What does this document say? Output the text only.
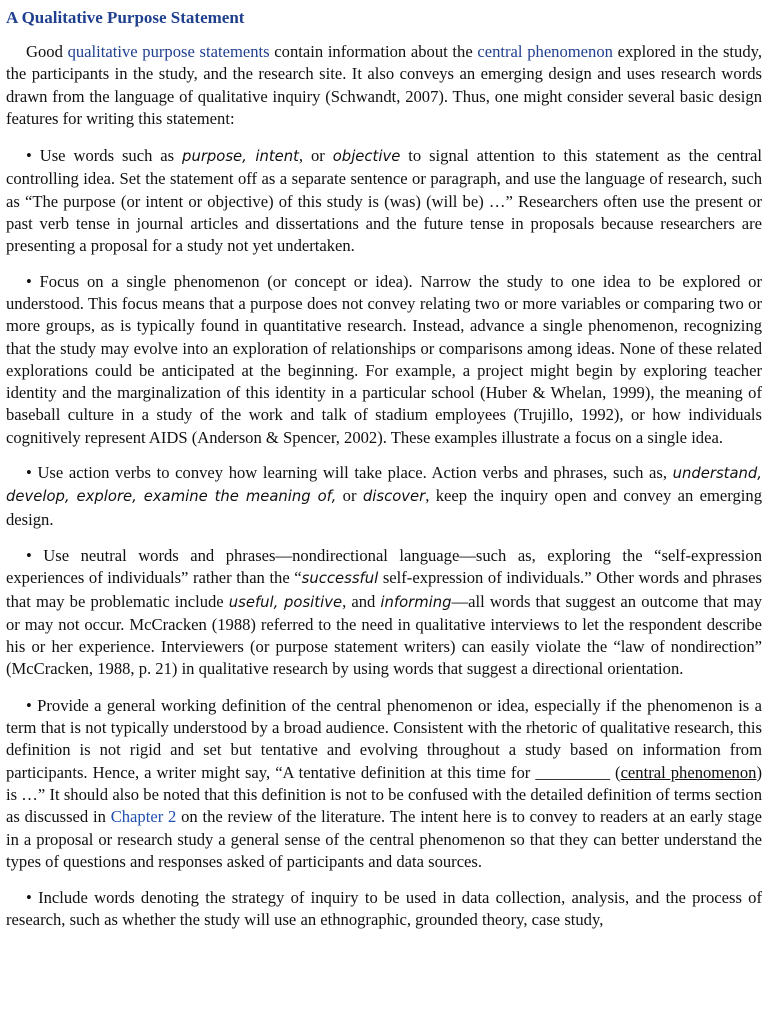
A Qualitative Purpose Statement

Good qualitative purpose statements contain information about the central phenomenon explored in the study, the participants in the study, and the research site. It also conveys an emerging design and uses research words drawn from the language of qualitative inquiry (Schwandt, 2007). Thus, one might consider several basic design features for writing this statement:

• Use words such as purpose, intent, or objective to signal attention to this statement as the central controlling idea. Set the statement off as a separate sentence or paragraph, and use the language of research, such as “The purpose (or intent or objective) of this study is (was) (will be) …” Researchers often use the present or past verb tense in journal articles and dissertations and the future tense in proposals because researchers are presenting a proposal for a study not yet undertaken.

• Focus on a single phenomenon (or concept or idea). Narrow the study to one idea to be explored or understood. This focus means that a purpose does not convey relating two or more variables or comparing two or more groups, as is typically found in quantitative research. Instead, advance a single phenomenon, recognizing that the study may evolve into an exploration of relationships or comparisons among ideas. None of these related explorations could be anticipated at the beginning. For example, a project might begin by exploring teacher identity and the marginalization of this identity in a particular school (Huber & Whelan, 1999), the meaning of baseball culture in a study of the work and talk of stadium employees (Trujillo, 1992), or how individuals cognitively represent AIDS (Anderson & Spencer, 2002). These examples illustrate a focus on a single idea.

• Use action verbs to convey how learning will take place. Action verbs and phrases, such as, understand, develop, explore, examine the meaning of, or discover, keep the inquiry open and convey an emerging design.

• Use neutral words and phrases—nondirectional language—such as, exploring the “self-expression experiences of individuals” rather than the “successful self-expression of individuals.” Other words and phrases that may be problematic include useful, positive, and informing—all words that suggest an outcome that may or may not occur. McCracken (1988) referred to the need in qualitative interviews to let the respondent describe his or her experience. Interviewers (or purpose statement writers) can easily violate the “law of nondirection” (McCracken, 1988, p. 21) in qualitative research by using words that suggest a directional orientation.

• Provide a general working definition of the central phenomenon or idea, especially if the phenomenon is a term that is not typically understood by a broad audience. Consistent with the rhetoric of qualitative research, this definition is not rigid and set but tentative and evolving throughout a study based on information from participants. Hence, a writer might say, “A tentative definition at this time for _________ (central phenomenon) is …” It should also be noted that this definition is not to be confused with the detailed definition of terms section as discussed in Chapter 2 on the review of the literature. The intent here is to convey to readers at an early stage in a proposal or research study a general sense of the central phenomenon so that they can better understand the types of questions and responses asked of participants and data sources.

• Include words denoting the strategy of inquiry to be used in data collection, analysis, and the process of research, such as whether the study will use an ethnographic, grounded theory, case study,
